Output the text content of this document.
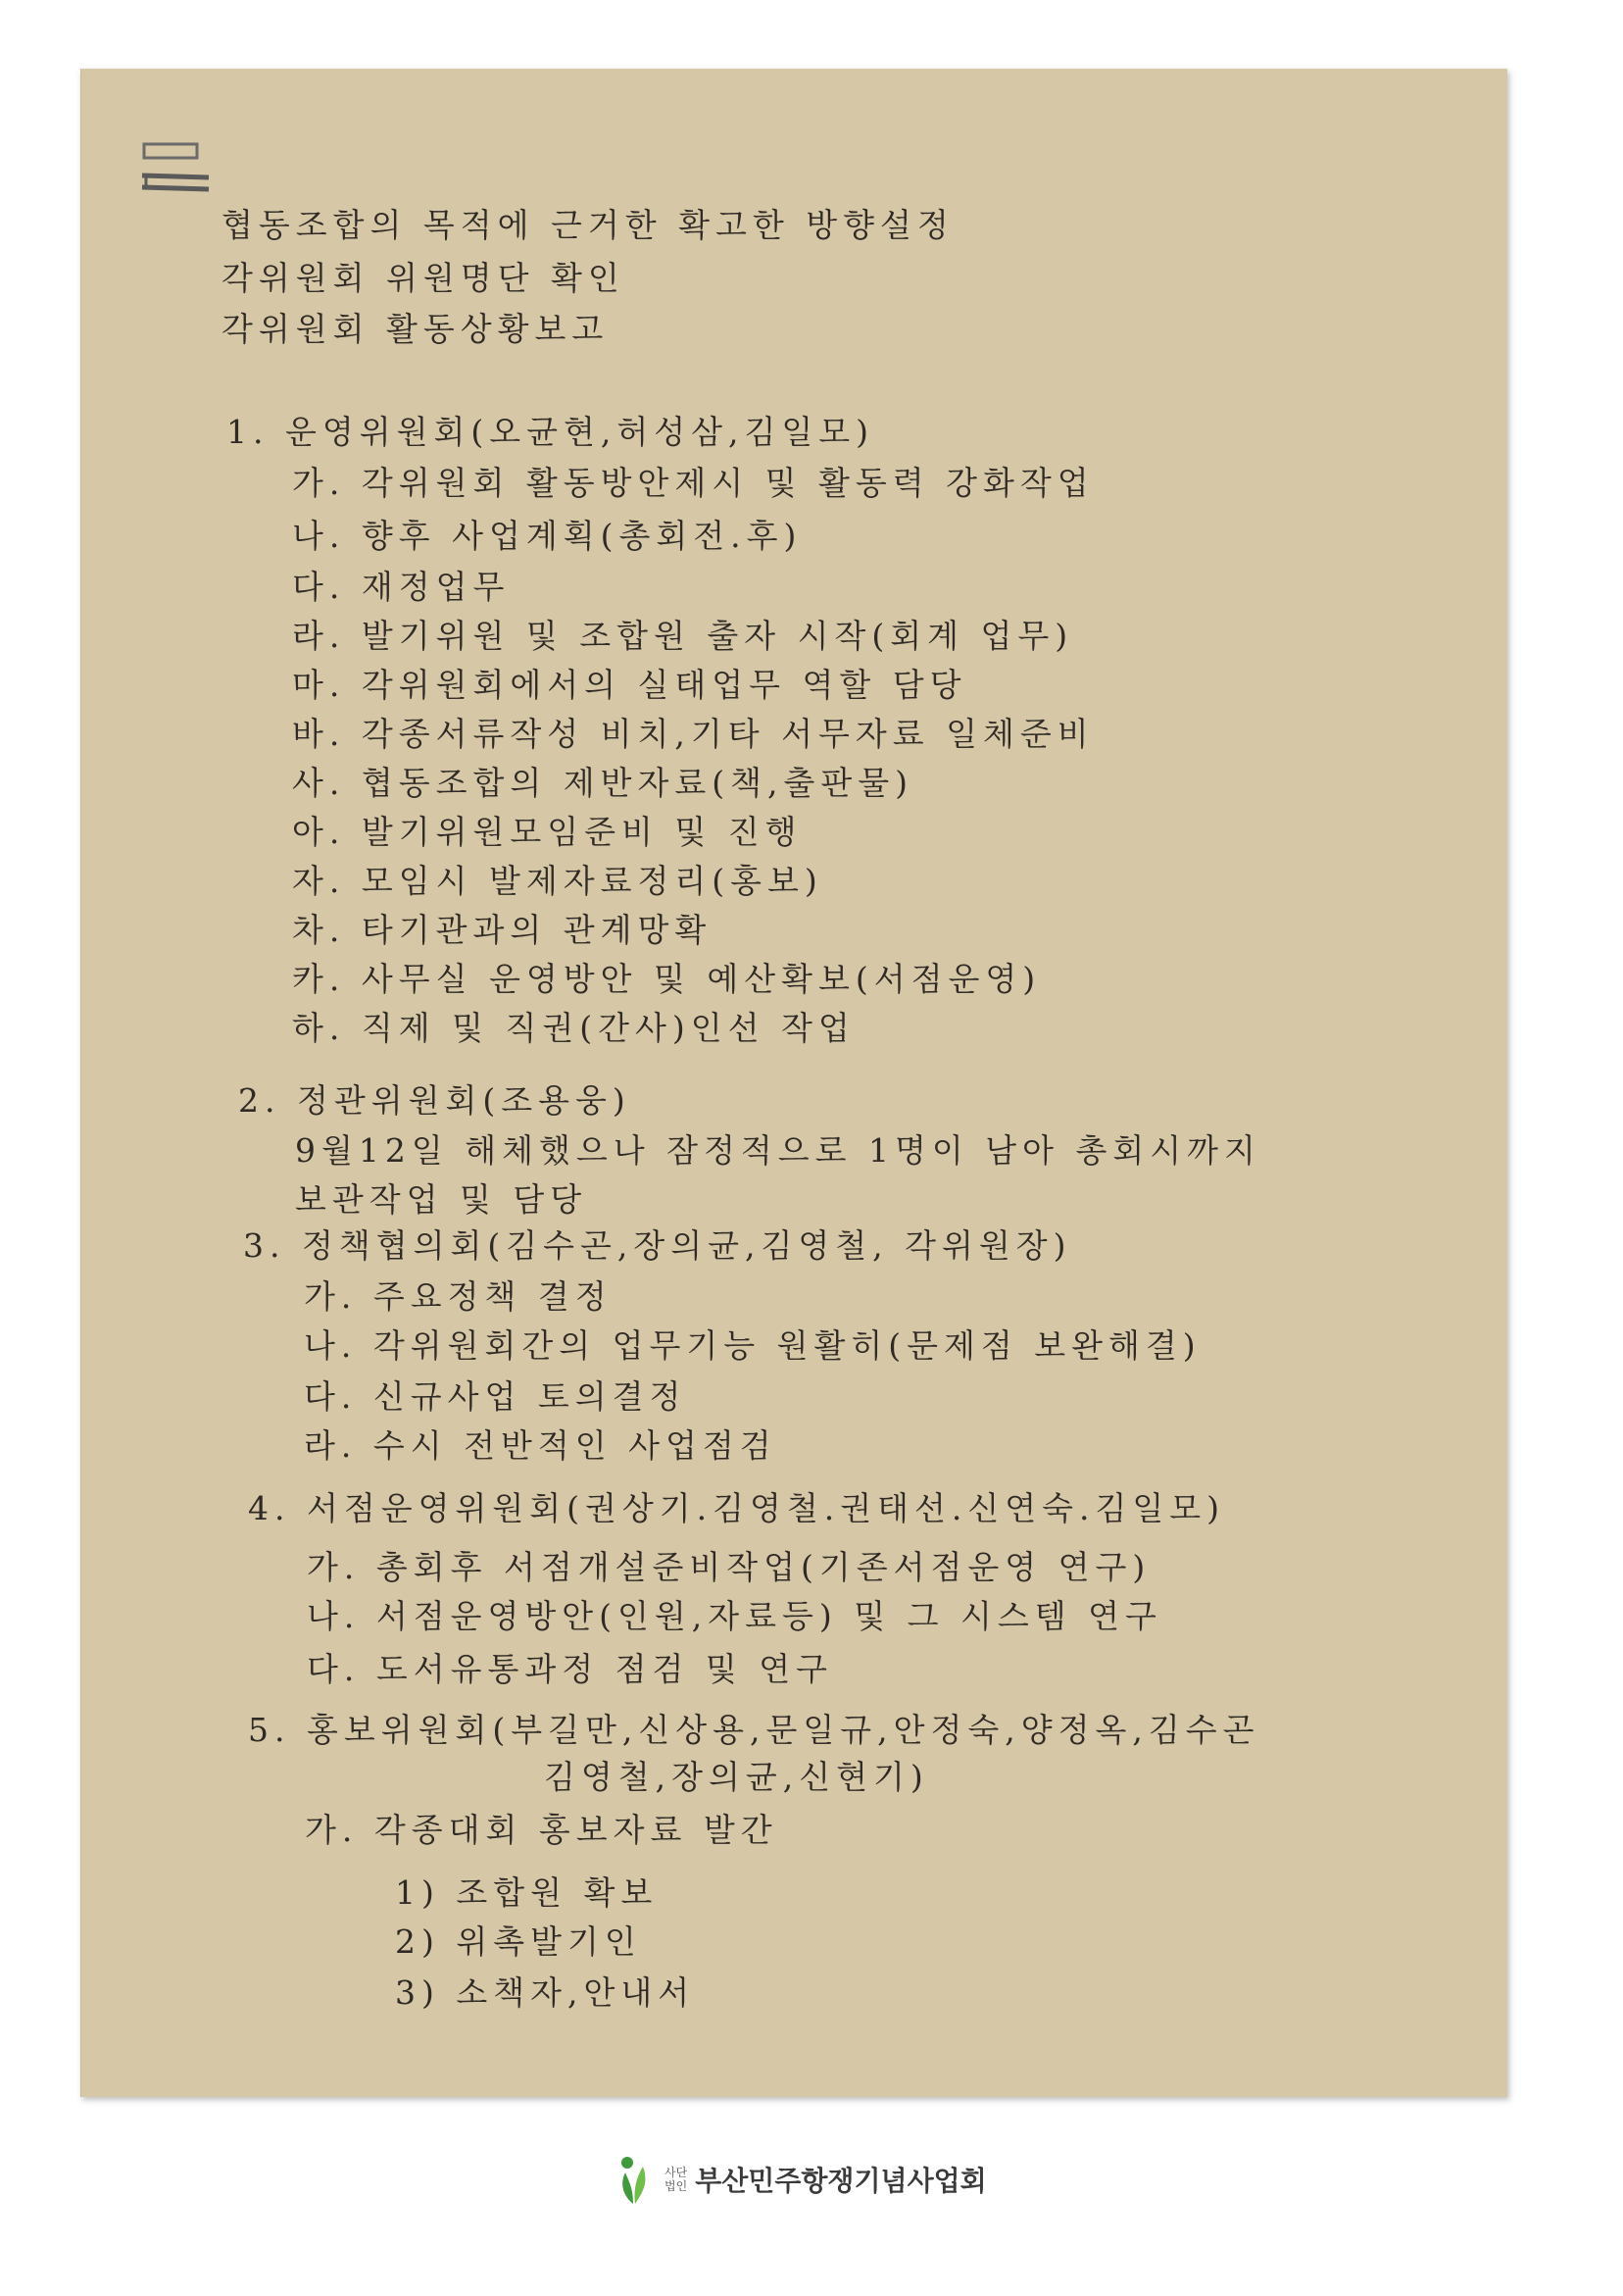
협동조합의 목적에 근거한 확고한 방향설정
각위원회 위원명단 확인
각위원회 활동상황보고
1. 운영위원회(오균현,허성삼,김일모)
가. 각위원회 활동방안제시 및 활동력 강화작업
나. 향후 사업계획(총회전.후)
다. 재정업무
라. 발기위원 및 조합원 출자 시작(회계 업무)
마. 각위원회에서의 실태업무 역할 담당
바. 각종서류작성 비치,기타 서무자료 일체준비
사. 협동조합의 제반자료(책,출판물)
아. 발기위원모임준비 및 진행
자. 모임시 발제자료정리(홍보)
차. 타기관과의 관계망확
카. 사무실 운영방안 및 예산확보(서점운영)
하. 직제 및 직권(간사)인선 작업
2. 정관위원회(조용웅)
9월12일 해체했으나 잠정적으로 1명이 남아 총회시까지
보관작업 및 담당
3. 정책협의회(김수곤,장의균,김영철, 각위원장)
가. 주요정책 결정
나. 각위원회간의 업무기능 원활히(문제점 보완해결)
다. 신규사업 토의결정
라. 수시 전반적인 사업점검
4. 서점운영위원회(권상기.김영철.권태선.신연숙.김일모)
가. 총회후 서점개설준비작업(기존서점운영 연구)
나. 서점운영방안(인원,자료등) 및 그 시스템 연구
다. 도서유통과정 점검 및 연구
5. 홍보위원회(부길만,신상용,문일규,안정숙,양정옥,김수곤
김영철,장의균,신현기)
가. 각종대회 홍보자료 발간
1) 조합원 확보
2) 위촉발기인
3) 소책자,안내서
사단
법인 부산민주항쟁기념사업회
